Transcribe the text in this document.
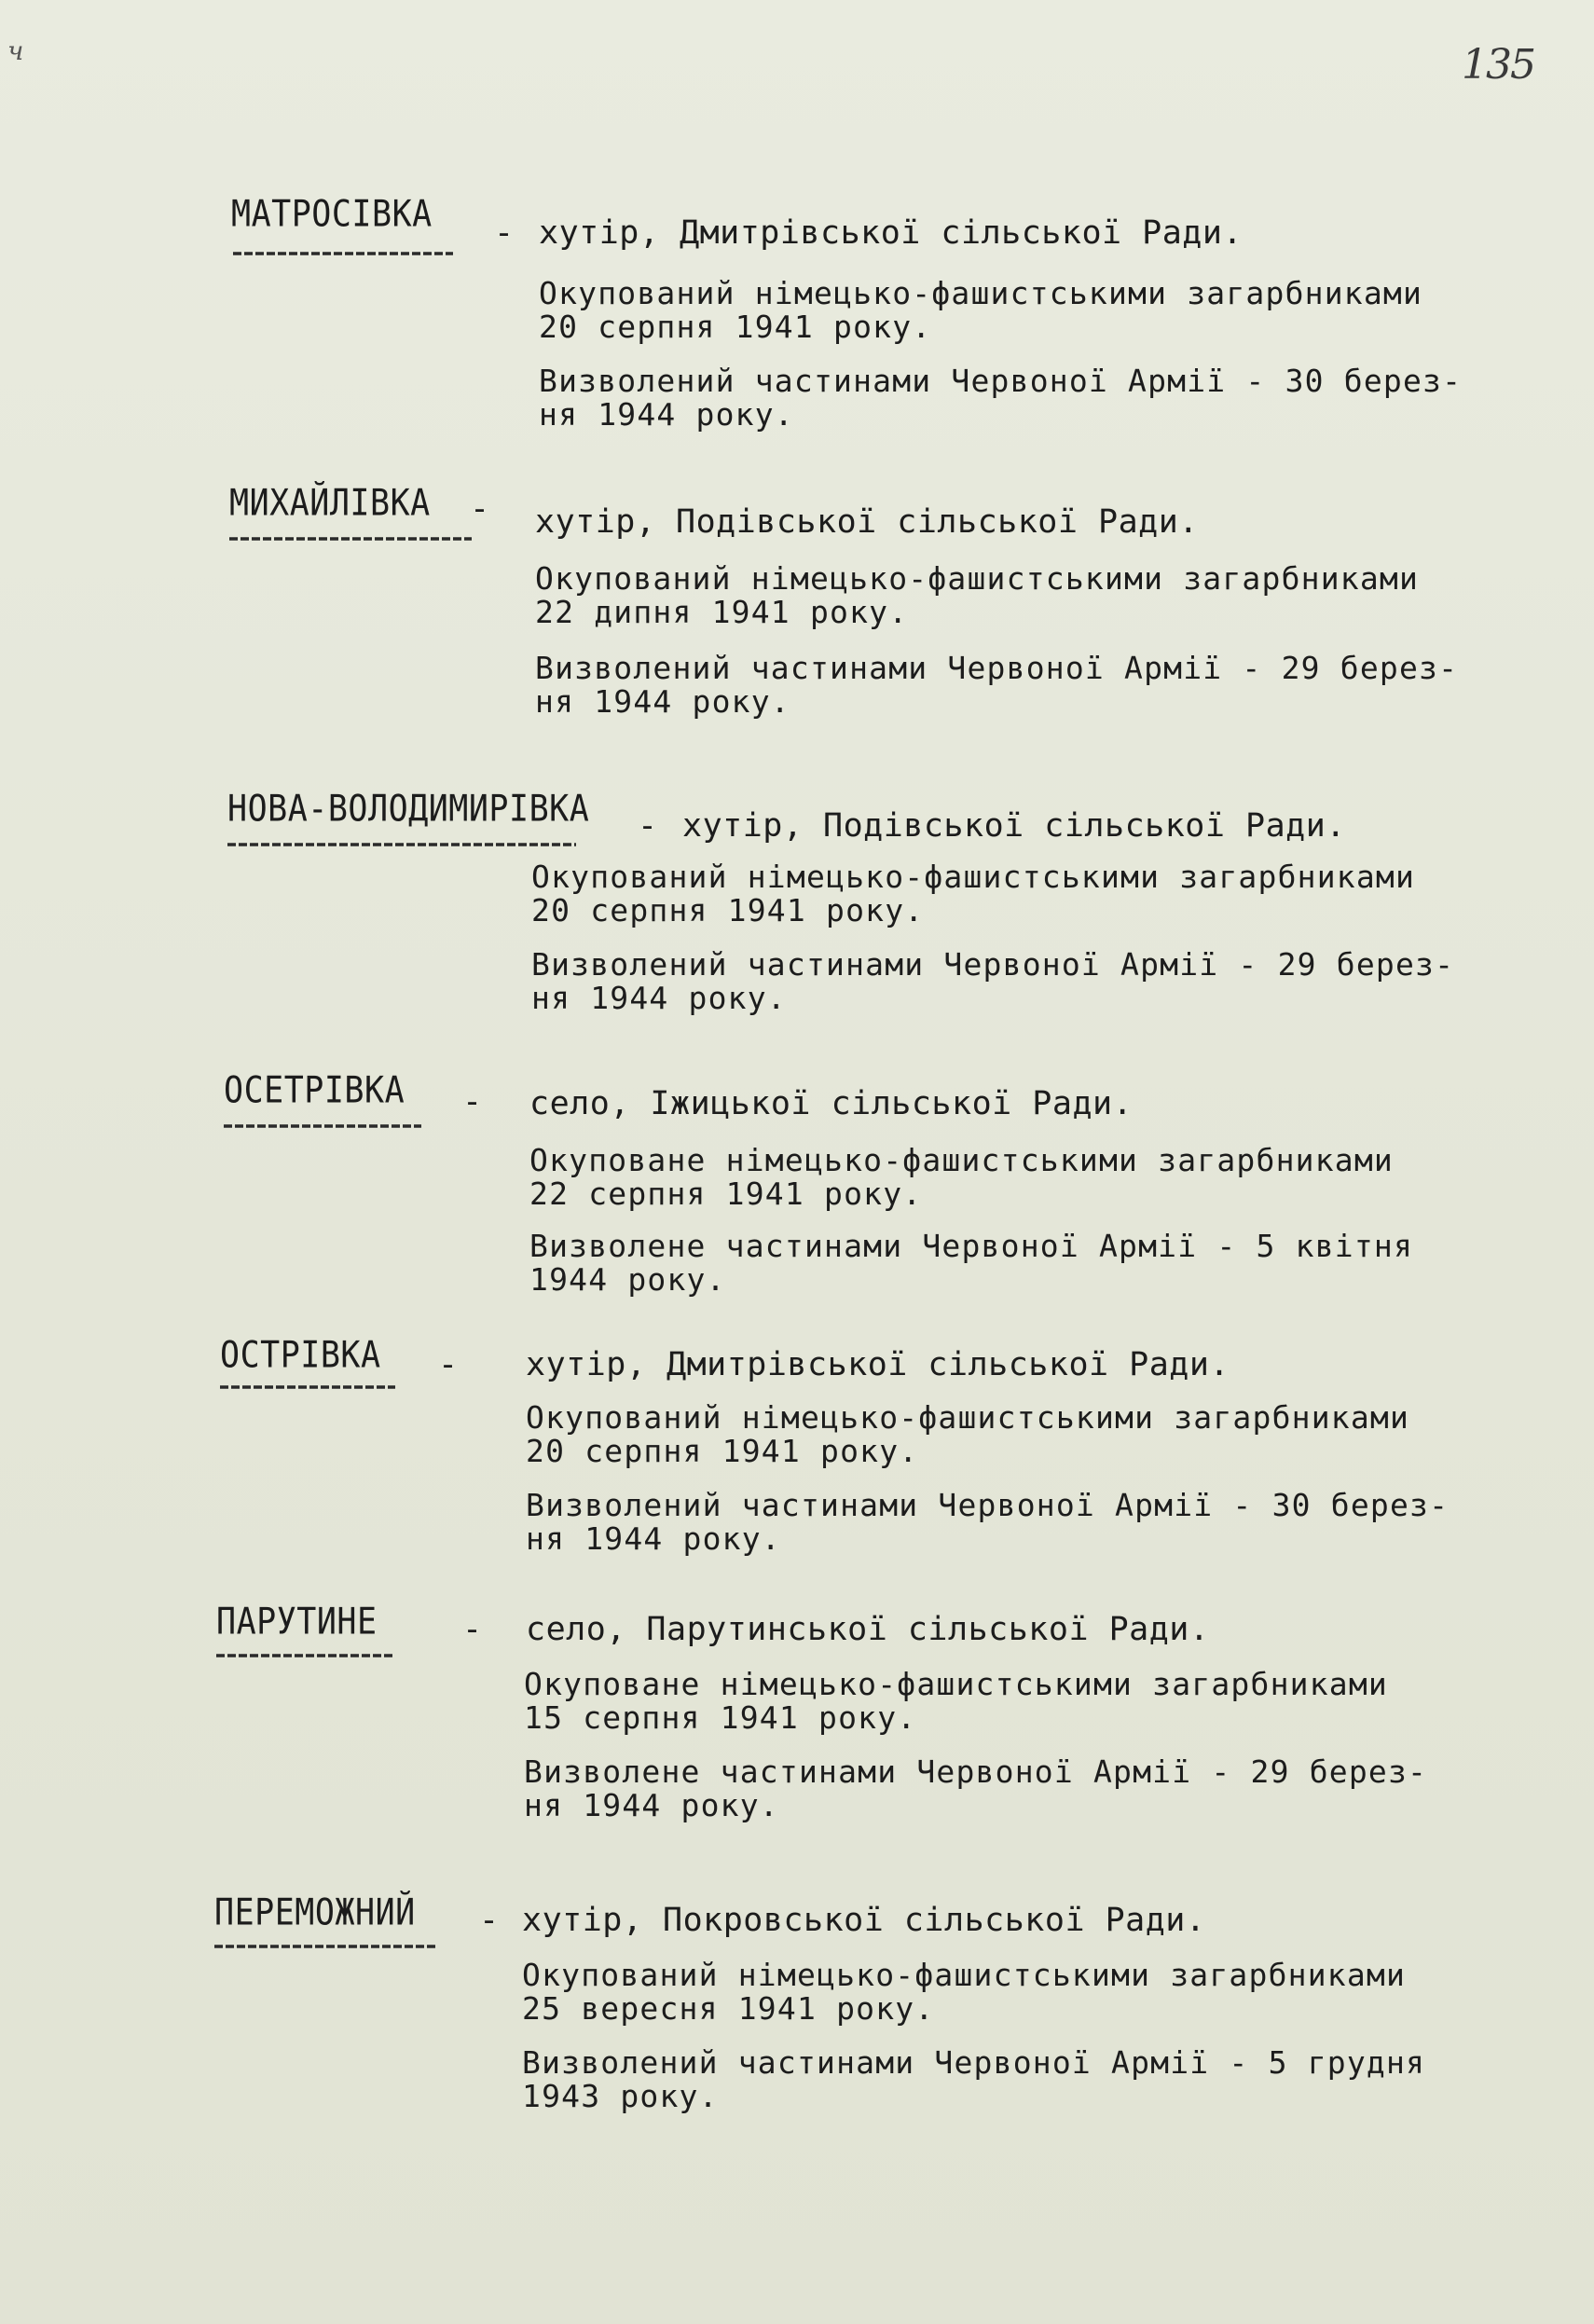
ч	135
МАТРОСІВКА - хутір, Дмитрівської сільської Ради.
Окупований німецько-фашистськими загарбниками
20 серпня 1941 року.
Визволений частинами Червоної Армії - 30 берез-
ня 1944 року.
МИХАЙЛІВКА - хутір, Подівської сільської Ради.
Окупований німецько-фашистськими загарбниками
22 дипня 1941 року.
Визволений частинами Червоної Армії - 29 берез-
ня 1944 року.
НОВА-ВОЛОДИМИРІВКА - хутір, Подівської сільської Ради.
Окупований німецько-фашистськими загарбниками
20 серпня 1941 року.
Визволений частинами Червоної Армії - 29 берез-
ня 1944 року.
ОСЕТРІВКА - село, Іжицької сільської Ради.
Окуповане німецько-фашистськими загарбниками
22 серпня 1941 року.
Визволене частинами Червоної Армії - 5 квітня
1944 року.
ОСТРІВКА - хутір, Дмитрівської сільської Ради.
Окупований німецько-фашистськими загарбниками
20 серпня 1941 року.
Визволений частинами Червоної Армії - 30 берез-
ня 1944 року.
ПАРУТИНЕ	- село, Парутинської сільської Ради.
Окуповане німецько-фашистськими загарбниками
15 серпня 1941 року.
Визволене частинами Червоної Армії - 29 берез-
ня 1944 року.
ПЕРЕМОЖНИЙ - хутір, Покровської сільської Ради.
Окупований німецько-фашистськими загарбниками
25 вересня 1941 року.
Визволений частинами Червоної Армії - 5 грудня
1943 року.
